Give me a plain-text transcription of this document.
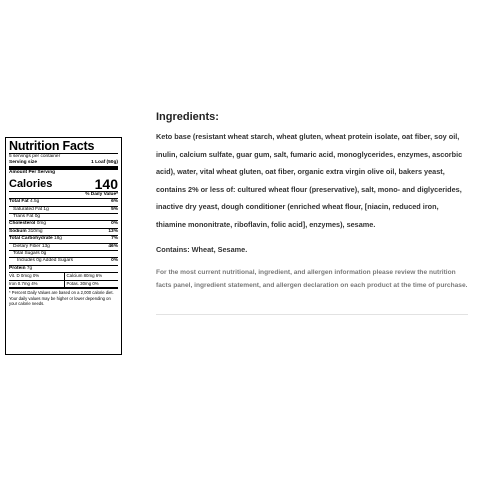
Nutrition Facts
5 servings per container
Serving size	1 Loaf (50g)
Amount Per Serving
Calories	140
% Daily Value*
Total Fat 4.5g	6%
Saturated Fat 1g	5%
Trans Fat 0g
Cholesterol 0mg	0%
Sodium 310mg	13%
Total Carbohydrate 18g	7%
Dietary Fiber 13g	46%
Total Sugars 0g
Includes 0g Added Sugars	0%
Protein 7g
Vit. D 0mcg 0%	Calcium 80mg 6%
Iron 0.7mg 4%	Potas. 30mg 0%
* Percent Daily Values are based on a 2,000 calorie diet. Your daily values may be higher or lower depending on your calorie needs.
Ingredients:
Keto base (resistant wheat starch, wheat gluten, wheat protein isolate, oat fiber, soy oil, inulin, calcium sulfate, guar gum, salt, fumaric acid, monoglycerides, enzymes, ascorbic acid), water, vital wheat gluten, oat fiber, organic extra virgin olive oil, bakers yeast, contains 2% or less of: cultured wheat flour (preservative), salt, mono- and diglycerides, inactive dry yeast, dough conditioner (enriched wheat flour, [niacin, reduced iron, thiamine mononitrate, riboflavin, folic acid], enzymes), sesame.
Contains: Wheat, Sesame.
For the most current nutritional, ingredient, and allergen information please review the nutrition facts panel, ingredient statement, and allergen declaration on each product at the time of purchase.
